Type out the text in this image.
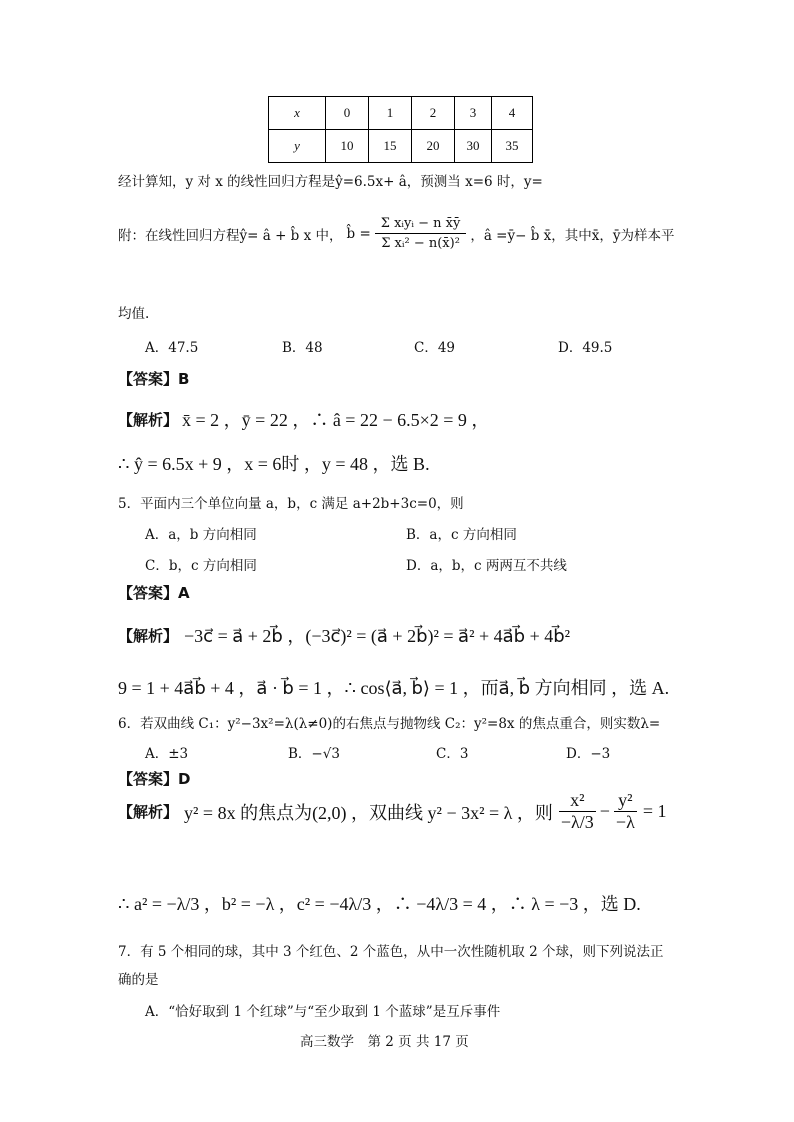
x	0	1	2	3	4
y	10	15	20	30	35
经计算知，y 对 x 的线性回归方程是ŷ=6.5x+ â，预测当 x=6 时，y=
附：在线性回归方程ŷ= â + b̂ x 中， b̂ = $\frac{\text{Σ xᵢyᵢ − n x̄ȳ}}{\text{Σ xᵢ² − n(x̄)²}}$ ，â =ȳ− b̂ x̄，其中x̄，ȳ为样本平
均值.
A．47.5	B．48	C．49	D．49.5
【答案】B
【解析】 x̄ = 2 ，ȳ = 22 ，∴ â = 22 − 6.5×2 = 9 ，
∴ ŷ = 6.5x + 9 ，x = 6时 ，y = 48 ，选 B.
5．平面内三个单位向量 a，b，c 满足 a+2b+3c=0，则
A．a，b 方向相同	B．a，c 方向相同
C．b，c 方向相同	D．a，b，c 两两互不共线
【答案】A
【解析】 −3c⃗ = a⃗ + 2b⃗ ，(−3c⃗)² = (a⃗ + 2b⃗)² = a⃗² + 4a⃗b⃗ + 4b⃗²
9 = 1 + 4a⃗b⃗ + 4 ，a⃗ · b⃗ = 1 ，∴ cos⟨a⃗, b⃗⟩ = 1 ，而a⃗, b⃗ 方向相同 ，选 A.
6．若双曲线 C₁：y²−3x²=λ(λ≠0)的右焦点与抛物线 C₂：y²=8x 的焦点重合，则实数λ=
A．±3	B．−√3	C．3	D．−3
【答案】D
【解析】 y² = 8x 的焦点为(2,0) ，双曲线 y² − 3x² = λ ，则 $\frac{\text{x²}}{-\lambda/3} - \frac{\text{y²}}{-\lambda} = 1$
∴ a² = −λ/3 ，b² = −λ ，c² = −4λ/3 ，∴ −4λ/3 = 4 ，∴ λ = −3 ，选 D.
7．有 5 个相同的球，其中 3 个红色、2 个蓝色，从中一次性随机取 2 个球，则下列说法正
确的是
A．“恰好取到 1 个红球”与“至少取到 1 个蓝球”是互斥事件
高三数学　第 2 页 共 17 页
